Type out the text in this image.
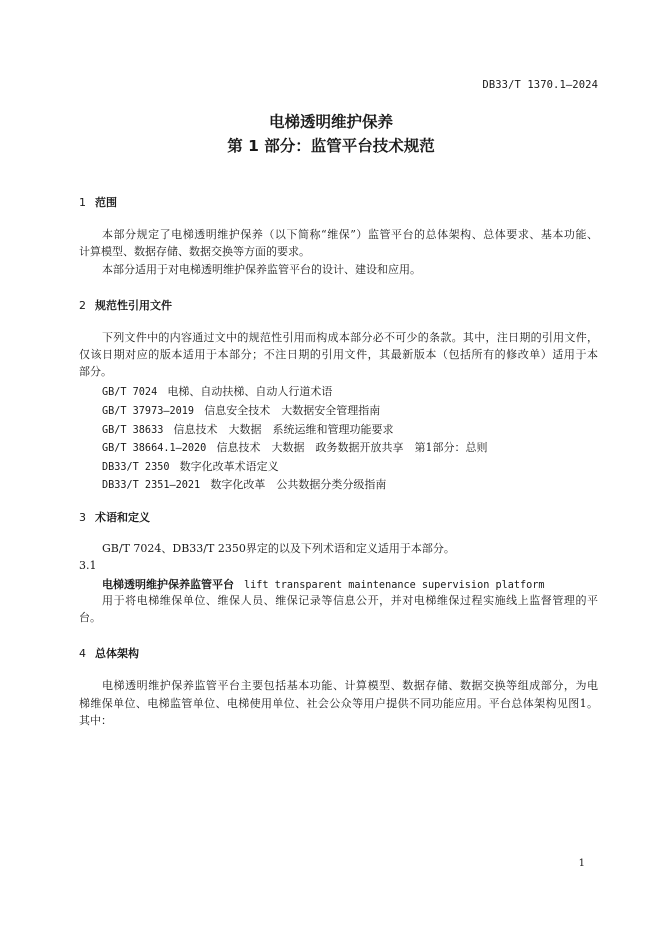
DB33/T 1370.1—2024
电梯透明维护保养
第 1 部分：监管平台技术规范
1 范围
本部分规定了电梯透明维护保养（以下简称“维保”）监管平台的总体架构、总体要求、基本功能、
计算模型、数据存储、数据交换等方面的要求。
本部分适用于对电梯透明维护保养监管平台的设计、建设和应用。
2 规范性引用文件
下列文件中的内容通过文中的规范性引用而构成本部分必不可少的条款。其中，注日期的引用文件，
仅该日期对应的版本适用于本部分；不注日期的引用文件，其最新版本（包括所有的修改单）适用于本
部分。
GB/T 7024　 电梯、自动扶梯、自动人行道术语
GB/T 37973—2019　 信息安全技术　大数据安全管理指南
GB/T 38633　 信息技术　大数据　系统运维和管理功能要求
GB/T 38664.1—2020　 信息技术　大数据　政务数据开放共享　第1部分：总则
DB33/T 2350　 数字化改革术语定义
DB33/T 2351—2021　 数字化改革　公共数据分类分级指南
3 术语和定义
GB/T 7024、DB33/T 2350界定的以及下列术语和定义适用于本部分。
3.1
电梯透明维护保养监管平台 lift transparent maintenance supervision platform
用于将电梯维保单位、维保人员、维保记录等信息公开，并对电梯维保过程实施线上监督管理的平
台。
4 总体架构
电梯透明维护保养监管平台主要包括基本功能、计算模型、数据存储、数据交换等组成部分，为电
梯维保单位、电梯监管单位、电梯使用单位、社会公众等用户提供不同功能应用。平台总体架构见图1。
其中：
1
